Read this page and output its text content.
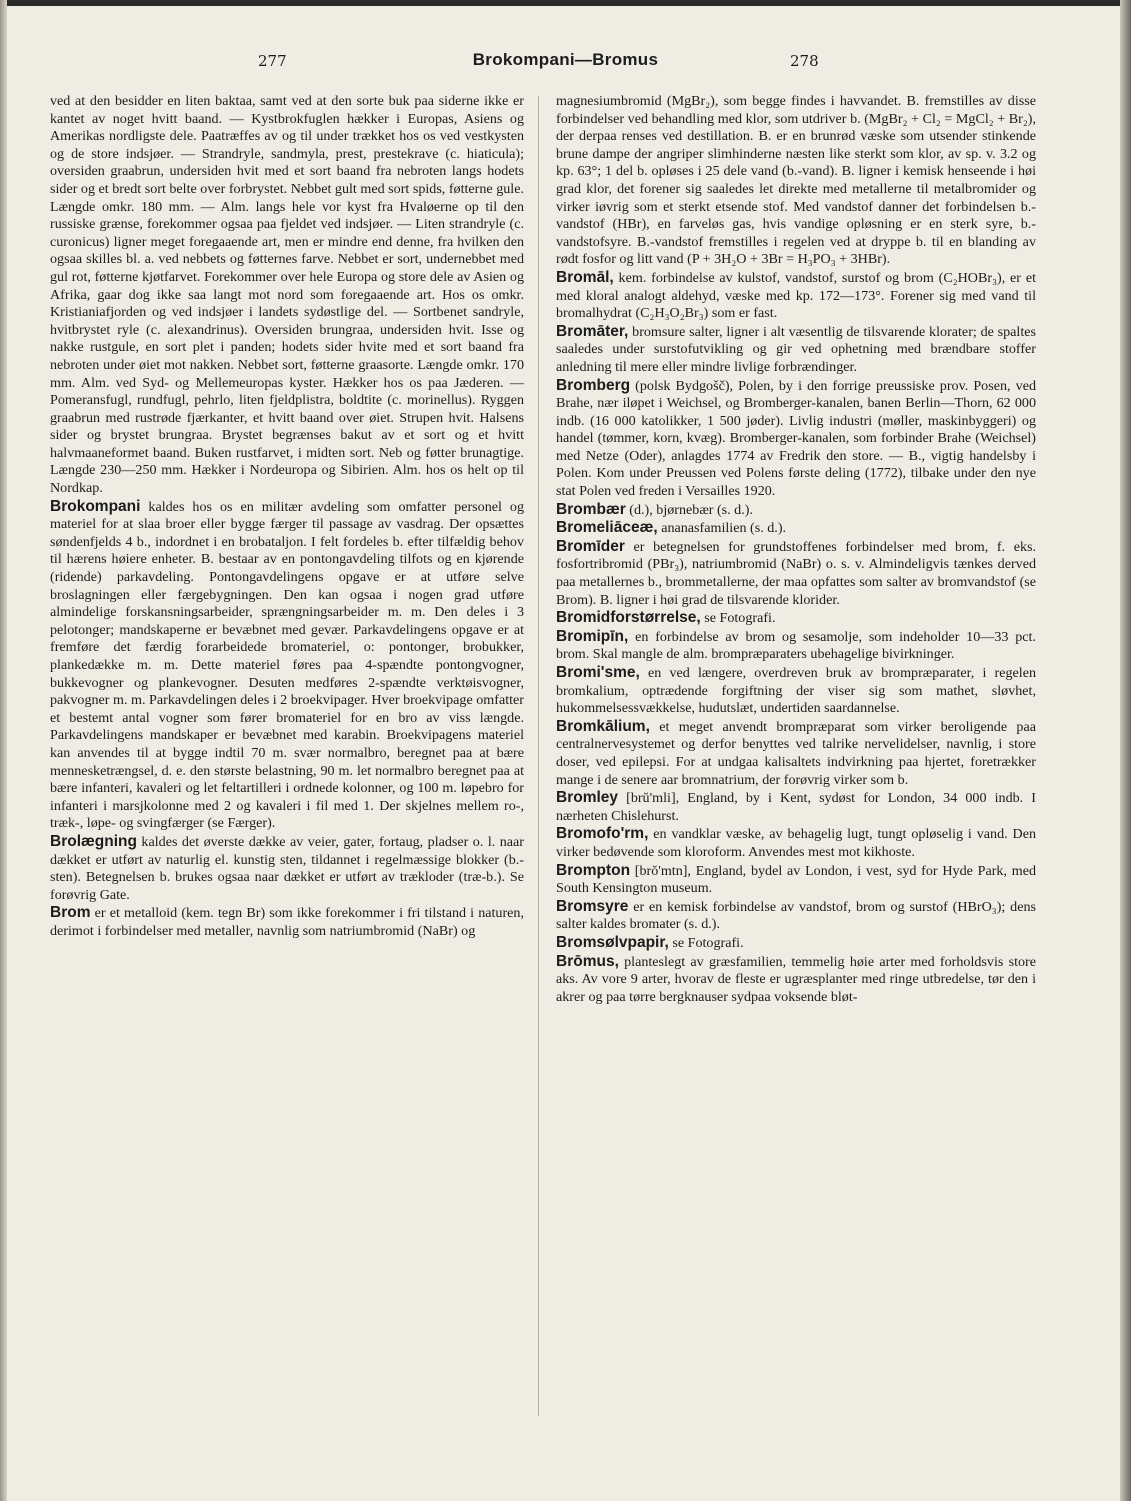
277	Brokompani—Bromus	278

ved at den besidder en liten baktaa, samt ved at den sorte buk paa siderne ikke er kantet av noget hvitt baand. — Kystbrokfuglen hækker i Europas, Asiens og Amerikas nordligste dele. Paatræffes av og til under trækket hos os ved vestkysten og de store indsjøer. — Strandryle, sandmyla, prest, prestekrave (c. hiaticula); oversiden graabrun, undersiden hvit med et sort baand fra nebroten langs hodets sider og et bredt sort belte over forbrystet. Nebbet gult med sort spids, føtterne gule. Længde omkr. 180 mm. — Alm. langs hele vor kyst fra Hvaløerne op til den russiske grænse, forekommer ogsaa paa fjeldet ved indsjøer. — Liten strandryle (c. curonicus) ligner meget foregaaende art, men er mindre end denne, fra hvilken den ogsaa skilles bl. a. ved nebbets og føtternes farve. Nebbet er sort, undernebbet med gul rot, føtterne kjøtfarvet. Forekommer over hele Europa og store dele av Asien og Afrika, gaar dog ikke saa langt mot nord som foregaaende art. Hos os omkr. Kristianiafjorden og ved indsjøer i landets sydøstlige del. — Sortbenet sandryle, hvitbrystet ryle (c. alexandrinus). Oversiden brungraa, undersiden hvit. Isse og nakke rustgule, en sort plet i panden; hodets sider hvite med et sort baand fra nebroten under øiet mot nakken. Nebbet sort, føtterne graasorte. Længde omkr. 170 mm. Alm. ved Syd- og Mellemeuropas kyster. Hækker hos os paa Jæderen. — Pomeransfugl, rundfugl, pehrlo, liten fjeldplistra, boldtite (c. morinellus). Ryggen graabrun med rustrøde fjærkanter, et hvitt baand over øiet. Strupen hvit. Halsens sider og brystet brungraa. Brystet begrænses bakut av et sort og et hvitt halvmaaneformet baand. Buken rustfarvet, i midten sort. Neb og føtter brunagtige. Længde 230—250 mm. Hækker i Nordeuropa og Sibirien. Alm. hos os helt op til Nordkap.

Brokompani kaldes hos os en militær avdeling som omfatter personel og materiel for at slaa broer eller bygge færger til passage av vasdrag. Der opsættes søndenfjelds 4 b., indordnet i en brobataljon. I felt fordeles b. efter tilfældig behov til hærens høiere enheter. B. bestaar av en pontongavdeling tilfots og en kjørende (ridende) parkavdeling. Pontongavdelingens opgave er at utføre selve broslagningen eller færgebygningen. Den kan ogsaa i nogen grad utføre almindelige forskansningsarbeider, sprængningsarbeider m. m. Den deles i 3 pelotonger; mandskaperne er bevæbnet med gevær. Parkavdelingens opgave er at fremføre det færdig forarbeidede bromateriel, o: pontonger, brobukker, plankedække m. m. Dette materiel føres paa 4-spændte pontongvogner, bukkevogner og plankevogner. Desuten medføres 2-spændte verktøisvogner, pakvogner m. m. Parkavdelingen deles i 2 broekvipager. Hver broekvipage omfatter et bestemt antal vogner som fører bromateriel for en bro av viss længde. Parkavdelingens mandskaper er bevæbnet med karabin. Broekvipagens materiel kan anvendes til at bygge indtil 70 m. svær normalbro, beregnet paa at bære mennesketrængsel, d. e. den største belastning, 90 m. let normalbro beregnet paa at bære infanteri, kavaleri og let feltartilleri i ordnede kolonner, og 100 m. løpebro for infanteri i marsjkolonne med 2 og kavaleri i fil med 1. Der skjelnes mellem ro-, træk-, løpe- og svingfærger (se Færger).

Brolægning kaldes det øverste dække av veier, gater, fortaug, pladser o. l. naar dækket er utført av naturlig el. kunstig sten, tildannet i regelmæssige blokker (b.-sten). Betegnelsen b. brukes ogsaa naar dækket er utført av trækloder (træ-b.). Se forøvrig Gate.

Brom er et metalloid (kem. tegn Br) som ikke forekommer i fri tilstand i naturen, derimot i forbindelser med metaller, navnlig som natriumbromid (NaBr) og

magnesiumbromid (MgBr₂), som begge findes i havvandet. B. fremstilles av disse forbindelser ved behandling med klor, som utdriver b. (MgBr₂ + Cl₂ = MgCl₂ + Br₂), der derpaa renses ved destillation. B. er en brunrød væske som utsender stinkende brune dampe der angriper slimhinderne næsten like sterkt som klor, av sp. v. 3.2 og kp. 63°; 1 del b. opløses i 25 dele vand (b.-vand). B. ligner i kemisk henseende i høi grad klor, det forener sig saaledes let direkte med metallerne til metalbromider og virker iøvrig som et sterkt etsende stof. Med vandstof danner det forbindelsen b.-vandstof (HBr), en farveløs gas, hvis vandige opløsning er en sterk syre, b.-vandstofsyre. B.-vandstof fremstilles i regelen ved at dryppe b. til en blanding av rødt fosfor og litt vand (P + 3H₂O + 3Br = H₃PO₃ + 3HBr).

Bromāl, kem. forbindelse av kulstof, vandstof, surstof og brom (C₂HOBr₃), er et med kloral analogt aldehyd, væske med kp. 172—173°. Forener sig med vand til bromalhydrat (C₂H₃O₂Br₃) som er fast.

Bromāter, bromsure salter, ligner i alt væsentlig de tilsvarende klorater; de spaltes saaledes under surstofutvikling og gir ved ophetning med brændbare stoffer anledning til mere eller mindre livlige forbrændinger.

Bromberg (polsk Bydgošč), Polen, by i den forrige preussiske prov. Posen, ved Brahe, nær iløpet i Weichsel, og Bromberger-kanalen, banen Berlin—Thorn, 62 000 indb. (16 000 katolikker, 1 500 jøder). Livlig industri (møller, maskinbyggeri) og handel (tømmer, korn, kvæg). Bromberger-kanalen, som forbinder Brahe (Weichsel) med Netze (Oder), anlagdes 1774 av Fredrik den store. — B., vigtig handelsby i Polen. Kom under Preussen ved Polens første deling (1772), tilbake under den nye stat Polen ved freden i Versailles 1920.

Brombær (d.), bjørnebær (s. d.).

Bromeliāceæ, ananasfamilien (s. d.).

Bromīder er betegnelsen for grundstoffenes forbindelser med brom, f. eks. fosfortribromid (PBr₃), natriumbromid (NaBr) o. s. v. Almindeligvis tænkes derved paa metallernes b., brommetallerne, der maa opfattes som salter av bromvandstof (se Brom). B. ligner i høi grad de tilsvarende klorider.

Bromidforstørrelse, se Fotografi.

Bromipīn, en forbindelse av brom og sesamolje, som indeholder 10—33 pct. brom. Skal mangle de alm. brompræparaters ubehagelige bivirkninger.

Bromi'sme, en ved længere, overdreven bruk av brompræparater, i regelen bromkalium, optrædende forgiftning der viser sig som mathet, sløvhet, hukommelsessvækkelse, hudutslæt, undertiden saardannelse.

Bromkālium, et meget anvendt brompræparat som virker beroligende paa centralnervesystemet og derfor benyttes ved talrike nervelidelser, navnlig, i store doser, ved epilepsi. For at undgaa kalisaltets indvirkning paa hjertet, foretrækker mange i de senere aar bromnatrium, der forøvrig virker som b.

Bromley [brŭ'mli], England, by i Kent, sydøst for London, 34 000 indb. I nærheten Chislehurst.

Bromofo'rm, en vandklar væske, av behagelig lugt, tungt opløselig i vand. Den virker bedøvende som kloroform. Anvendes mest mot kikhoste.

Brompton [brŏ'mtn], England, bydel av London, i vest, syd for Hyde Park, med South Kensington museum.

Bromsyre er en kemisk forbindelse av vandstof, brom og surstof (HBrO₃); dens salter kaldes bromater (s. d.).

Bromsølvpapir, se Fotografi.

Brōmus, planteslegt av græsfamilien, temmelig høie arter med forholdsvis store aks. Av vore 9 arter, hvorav de fleste er ugræsplanter med ringe utbredelse, tør den i akrer og paa tørre bergknauser sydpaa voksende bløt-
